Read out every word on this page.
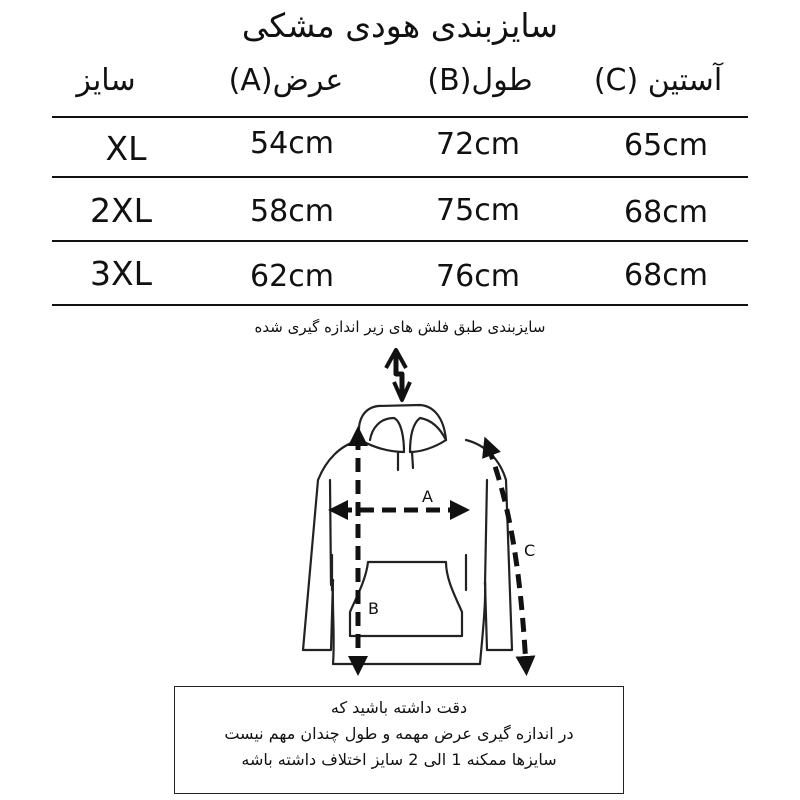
سایزبندی هودی مشکی
سایز	عرض(A)	طول(B)	آستین (C)
XL	54cm	72cm	65cm
2XL	58cm	75cm	68cm
3XL	62cm	76cm	68cm
سایزبندی طبق فلش های زیر اندازه گیری شده
A
B
C
دقت داشته باشید که
در اندازه گیری عرض مهمه و طول چندان مهم نیست
سایزها ممکنه 1 الی 2 سایز اختلاف داشته باشه
